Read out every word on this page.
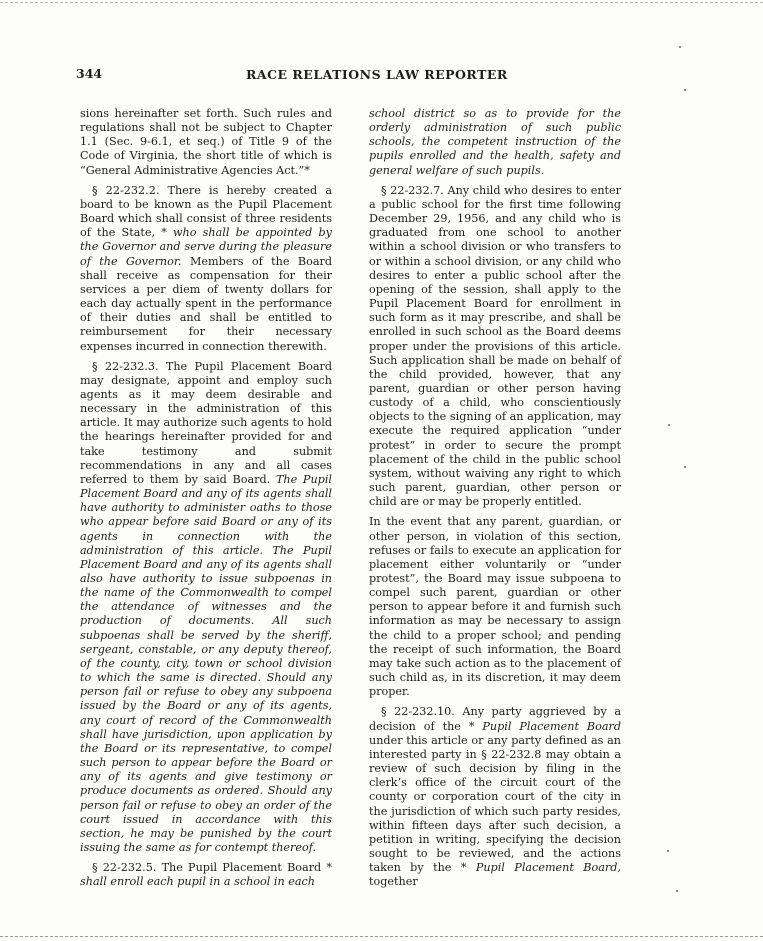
344	RACE RELATIONS LAW REPORTER

sions hereinafter set forth. Such rules and regulations shall not be subject to Chapter 1.1 (Sec. 9-6.1, et seq.) of Title 9 of the Code of Virginia, the short title of which is “General Administrative Agencies Act.”*

§ 22-232.2. There is hereby created a board to be known as the Pupil Placement Board which shall consist of three residents of the State, * who shall be appointed by the Governor and serve during the pleasure of the Governor. Members of the Board shall receive as compensation for their services a per diem of twenty dollars for each day actually spent in the performance of their duties and shall be entitled to reimbursement for their necessary expenses incurred in connection therewith.

§ 22-232.3. The Pupil Placement Board may designate, appoint and employ such agents as it may deem desirable and necessary in the administration of this article. It may authorize such agents to hold the hearings hereinafter provided for and take testimony and submit recommendations in any and all cases referred to them by said Board. The Pupil Placement Board and any of its agents shall have authority to administer oaths to those who appear before said Board or any of its agents in connection with the administration of this article. The Pupil Placement Board and any of its agents shall also have authority to issue subpoenas in the name of the Commonwealth to compel the attendance of witnesses and the production of documents. All such subpoenas shall be served by the sheriff, sergeant, constable, or any deputy thereof, of the county, city, town or school division to which the same is directed. Should any person fail or refuse to obey any subpoena issued by the Board or any of its agents, any court of record of the Commonwealth shall have jurisdiction, upon application by the Board or its representative, to compel such person to appear before the Board or any of its agents and give testimony or produce documents as ordered. Should any person fail or refuse to obey an order of the court issued in accordance with this section, he may be punished by the court issuing the same as for contempt thereof.

§ 22-232.5. The Pupil Placement Board * shall enroll each pupil in a school in each

school district so as to provide for the orderly administration of such public schools, the competent instruction of the pupils enrolled and the health, safety and general welfare of such pupils.

§ 22-232.7. Any child who desires to enter a public school for the first time following December 29, 1956, and any child who is graduated from one school to another within a school division or who transfers to or within a school division, or any child who desires to enter a public school after the opening of the session, shall apply to the Pupil Placement Board for enrollment in such form as it may prescribe, and shall be enrolled in such school as the Board deems proper under the provisions of this article. Such application shall be made on behalf of the child provided, however, that any parent, guardian or other person having custody of a child, who conscientiously objects to the signing of an application, may execute the required application “under protest” in order to secure the prompt placement of the child in the public school system, without waiving any right to which such parent, guardian, other person or child are or may be properly entitled.

In the event that any parent, guardian, or other person, in violation of this section, refuses or fails to execute an application for placement either voluntarily or “under protest”, the Board may issue subpoena to compel such parent, guardian or other person to appear before it and furnish such information as may be necessary to assign the child to a proper school; and pending the receipt of such information, the Board may take such action as to the placement of such child as, in its discretion, it may deem proper.

§ 22-232.10. Any party aggrieved by a decision of the * Pupil Placement Board under this article or any party defined as an interested party in § 22-232.8 may obtain a review of such decision by filing in the clerk’s office of the circuit court of the county or corporation court of the city in the jurisdiction of which such party resides, within fifteen days after such decision, a petition in writing, specifying the decision sought to be reviewed, and the actions taken by the * Pupil Placement Board, together
